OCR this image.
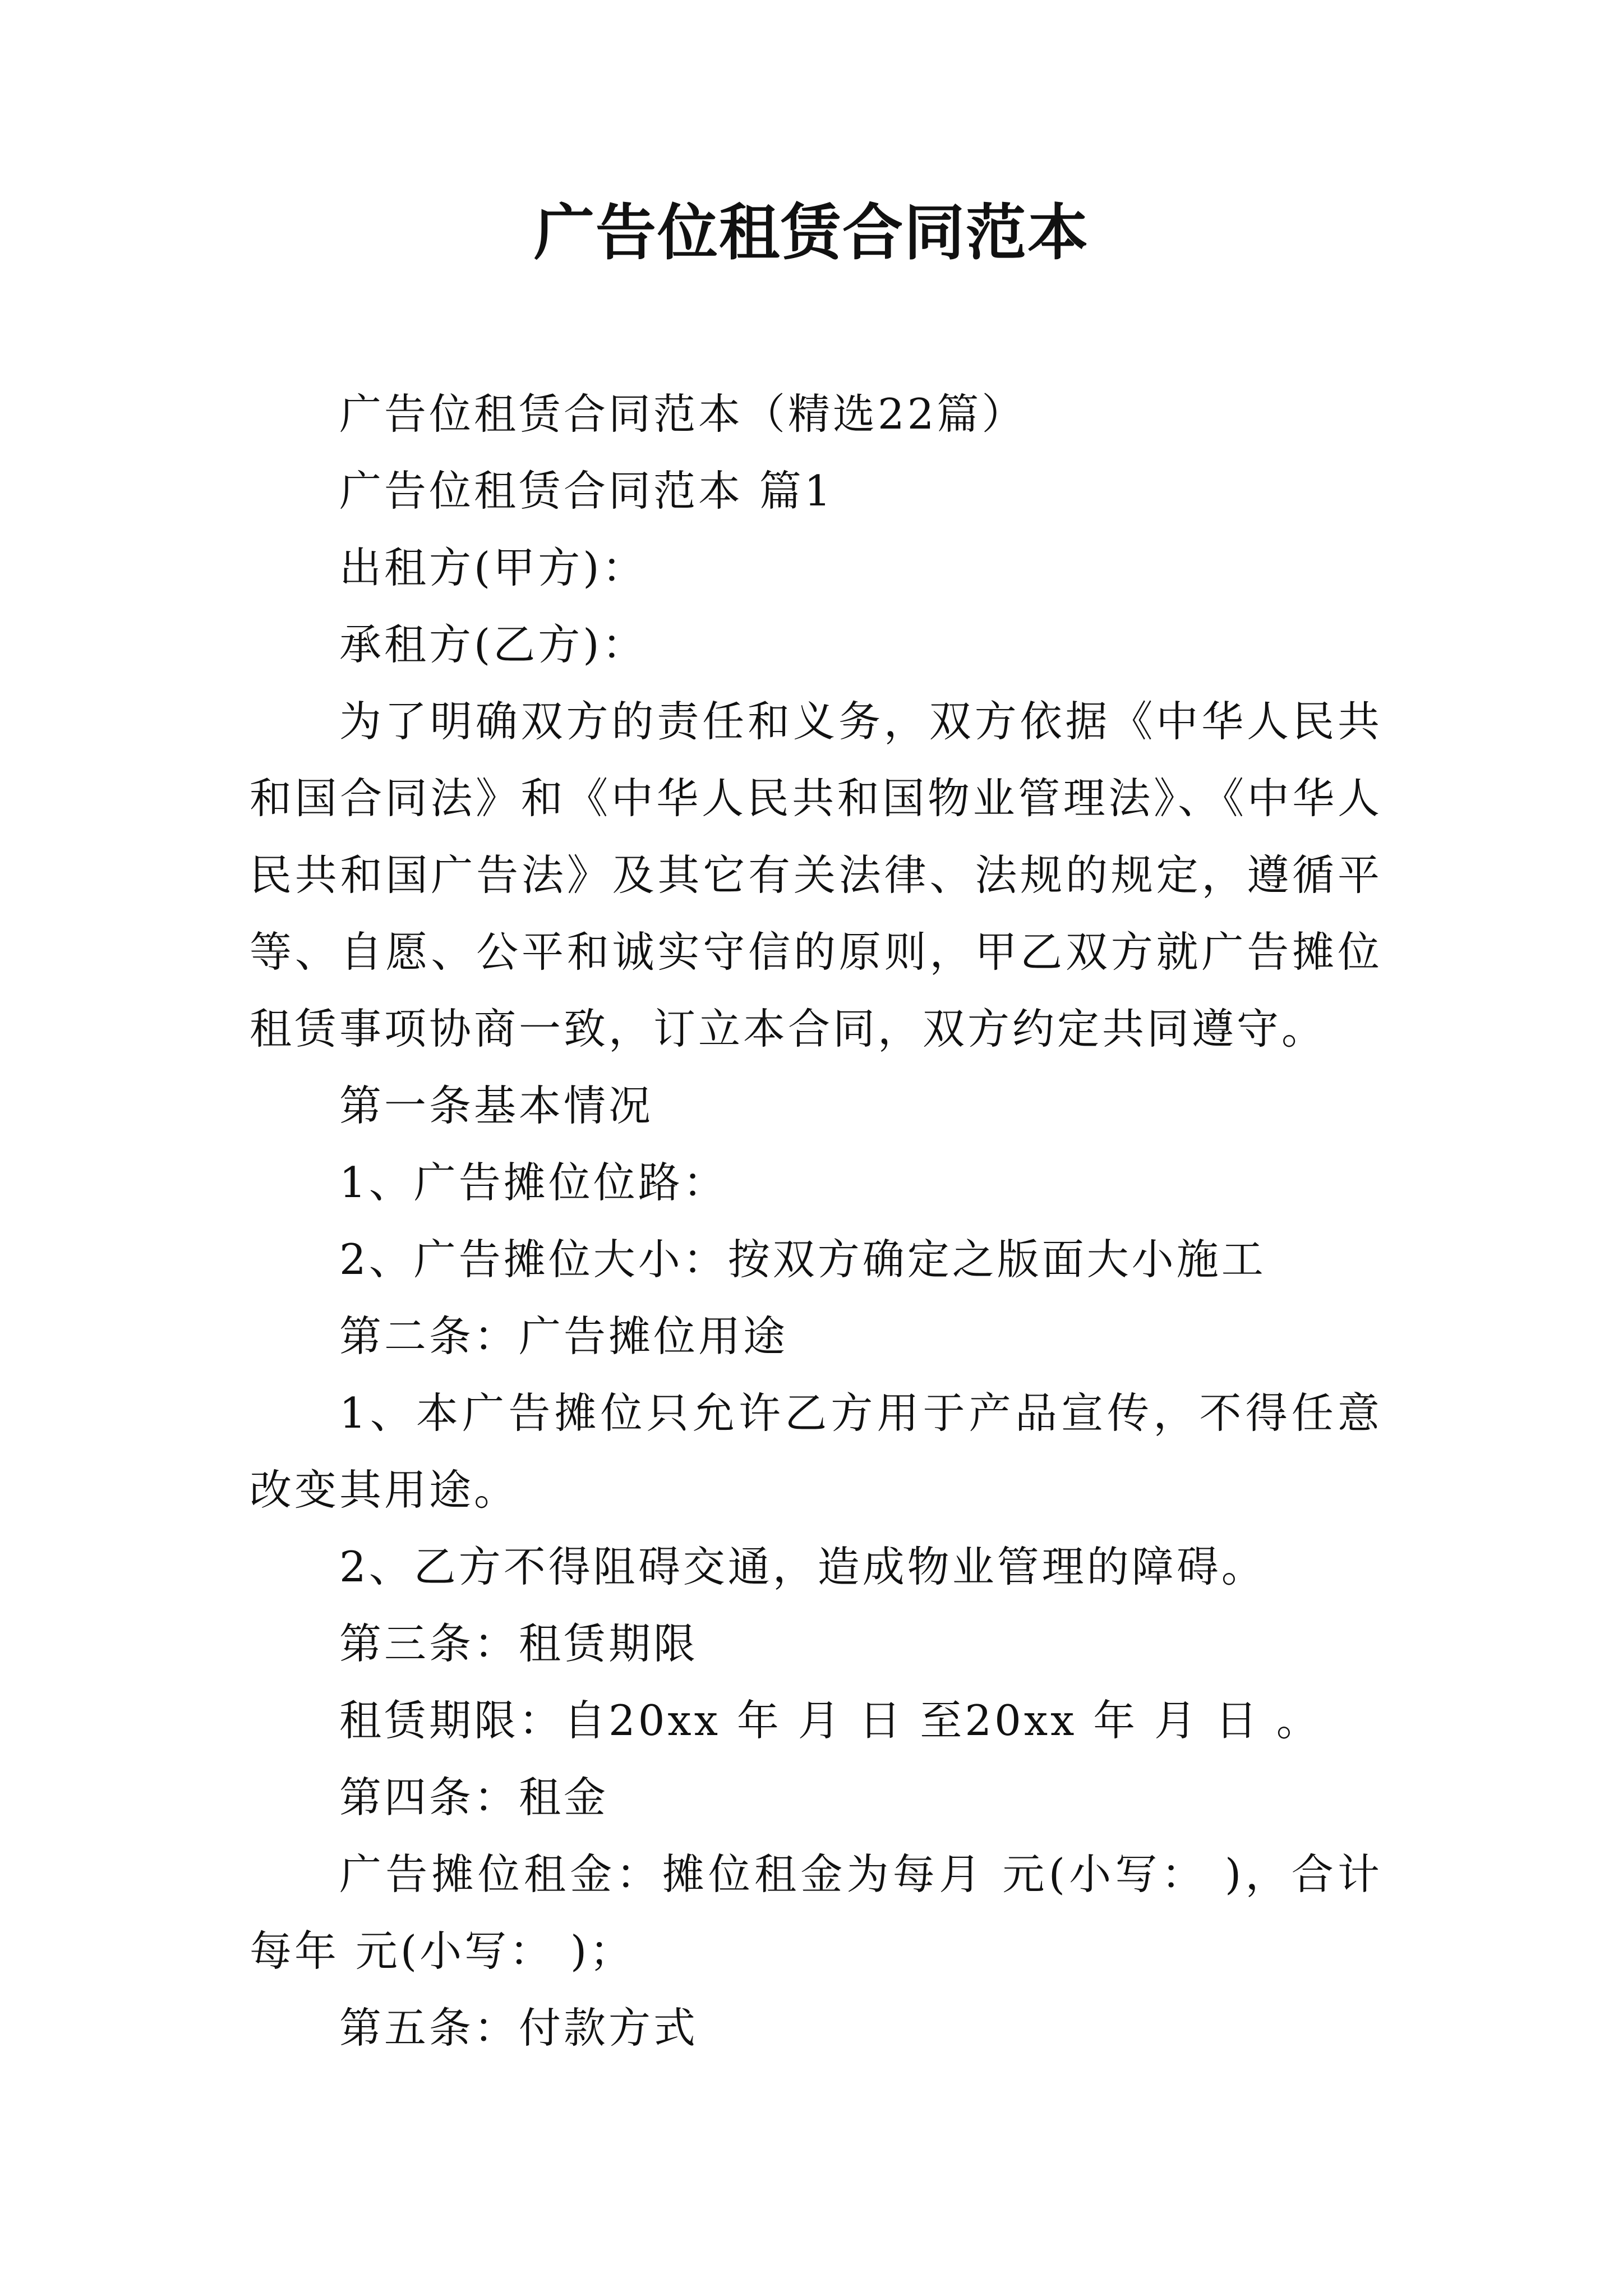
广告位租赁合同范本

广告位租赁合同范本（精选22篇）

广告位租赁合同范本 篇1

出租方(甲方)：

承租方(乙方)：

为了明确双方的责任和义务，双方依据《中华人民共和国合同法》和《中华人民共和国物业管理法》、《中华人民共和国广告法》及其它有关法律、法规的规定，遵循平等、自愿、公平和诚实守信的原则，甲乙双方就广告摊位租赁事项协商一致，订立本合同，双方约定共同遵守。

第一条基本情况

1、广告摊位位路：

2、广告摊位大小：按双方确定之版面大小施工

第二条：广告摊位用途

1、本广告摊位只允许乙方用于产品宣传，不得任意改变其用途。

2、乙方不得阻碍交通，造成物业管理的障碍。

第三条：租赁期限

租赁期限：自20xx 年 月 日 至20xx 年 月 日 。

第四条：租金

广告摊位租金：摊位租金为每月 元(小写： )，合计每年 元(小写： )；

第五条：付款方式
